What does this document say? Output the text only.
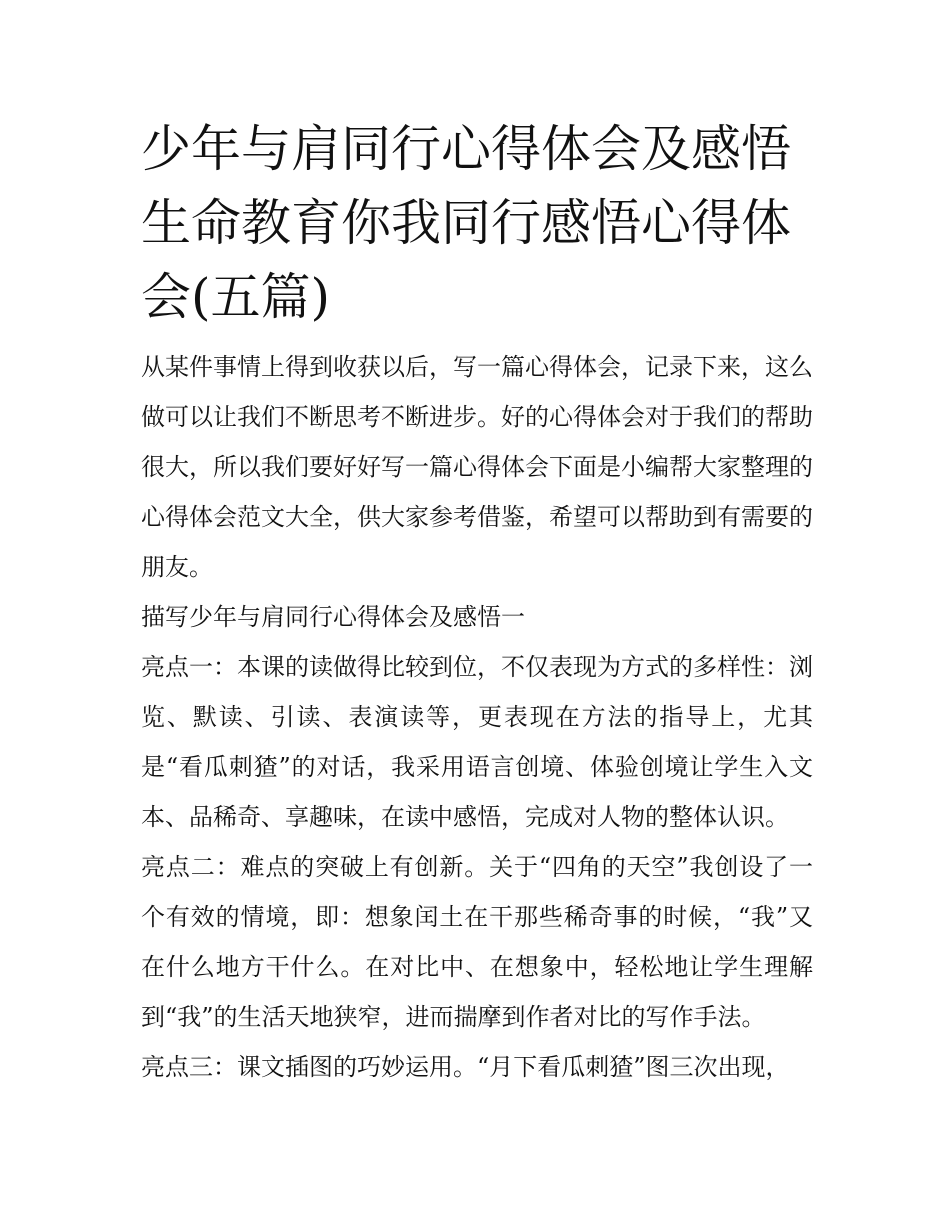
少年与肩同行心得体会及感悟生命教育你我同行感悟心得体会(五篇)

从某件事情上得到收获以后，写一篇心得体会，记录下来，这么做可以让我们不断思考不断进步。好的心得体会对于我们的帮助很大，所以我们要好好写一篇心得体会下面是小编帮大家整理的心得体会范文大全，供大家参考借鉴，希望可以帮助到有需要的朋友。

描写少年与肩同行心得体会及感悟一

亮点一：本课的读做得比较到位，不仅表现为方式的多样性：浏览、默读、引读、表演读等，更表现在方法的指导上，尤其是“看瓜刺猹”的对话，我采用语言创境、体验创境让学生入文本、品稀奇、享趣味，在读中感悟，完成对人物的整体认识。

亮点二：难点的突破上有创新。关于“四角的天空”我创设了一个有效的情境，即：想象闰土在干那些稀奇事的时候，“我”又在什么地方干什么。在对比中、在想象中，轻松地让学生理解到“我”的生活天地狭窄，进而揣摩到作者对比的写作手法。

亮点三：课文插图的巧妙运用。“月下看瓜刺猹”图三次出现，
